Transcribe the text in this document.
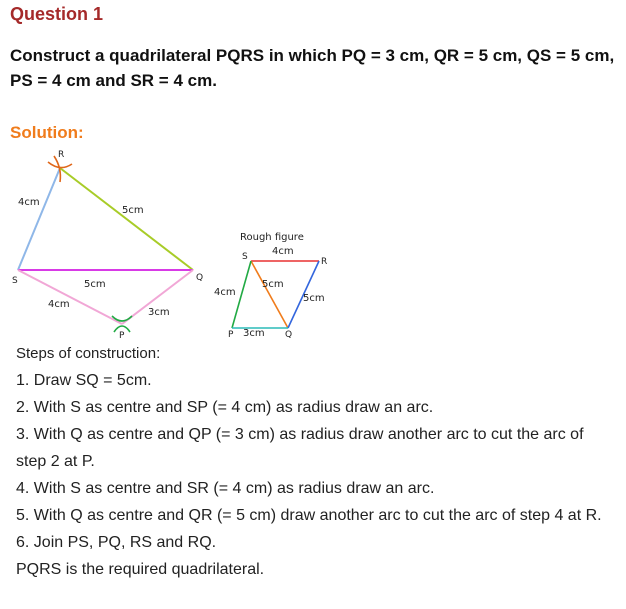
Question 1
Construct a quadrilateral PQRS in which PQ = 3 cm, QR = 5 cm, QS = 5 cm, PS = 4 cm and SR = 4 cm.
Solution:
R
S	Q
P
4cm
5cm
5cm
4cm
3cm
Rough figure
S	R
P	Q
4cm
5cm
4cm
5cm
3cm
Steps of construction:

1. Draw SQ = 5cm.

2. With S as centre and SP (= 4 cm) as radius draw an arc.

3. With Q as centre and QP (= 3 cm) as radius draw another arc to cut the arc of step 2 at P.

4. With S as centre and SR (= 4 cm) as radius draw an arc.

5. With Q as centre and QR (= 5 cm) draw another arc to cut the arc of step 4 at R.

6. Join PS, PQ, RS and RQ.

PQRS is the required quadrilateral.
